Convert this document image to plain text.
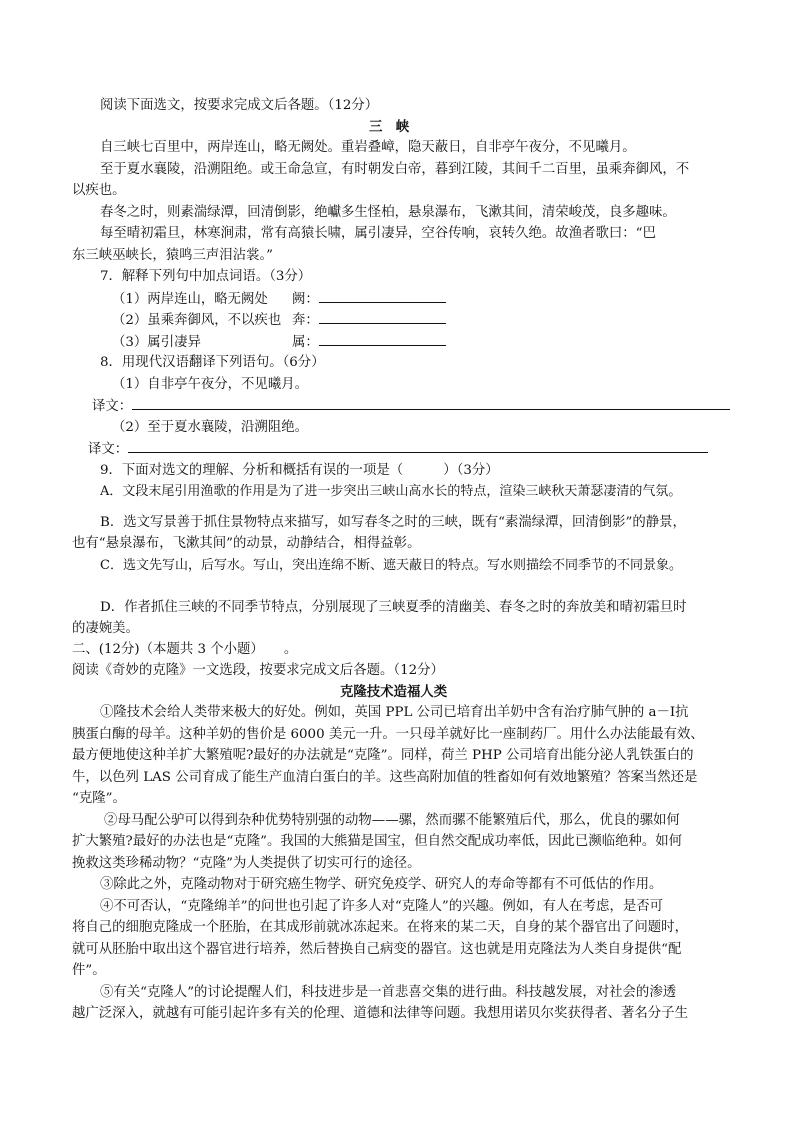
阅读下面选文，按要求完成文后各题。（12分）
三　峡
自三峡七百里中，两岸连山，略无阙处。重岩叠嶂，隐天蔽日，自非亭午夜分，不见曦月。
至于夏水襄陵，沿溯阻绝。或王命急宣，有时朝发白帝，暮到江陵，其间千二百里，虽乘奔御风，不
以疾也。
春冬之时，则素湍绿潭，回清倒影，绝巘多生怪柏，悬泉瀑布，飞漱其间，清荣峻茂，良多趣味。
每至晴初霜旦，林寒涧肃，常有高猿长啸，属引凄异，空谷传响，哀转久绝。故渔者歌曰：“巴
东三峡巫峡长，猿鸣三声泪沾裳。”
7．解释下列句中加点词语。（3分）
（1）两岸连山，略无阙处 阙：
（2）虽乘奔御风，不以疾也 奔：
（3）属引凄异	属：
8．用现代汉语翻译下列语句。（6分）
（1）自非亭午夜分，不见曦月。
译文：
（2）至于夏水襄陵，沿溯阻绝。
译文：
9．下面对选文的理解、分析和概括有误的一项是（　　　）（3分）
A．文段末尾引用渔歌的作用是为了进一步突出三峡山高水长的特点，渲染三峡秋天萧瑟凄清的气氛。
B．选文写景善于抓住景物特点来描写，如写春冬之时的三峡，既有“素湍绿潭，回清倒影”的静景，
也有“悬泉瀑布，飞漱其间”的动景，动静结合，相得益彰。
C．选文先写山，后写水。写山，突出连绵不断、遮天蔽日的特点。写水则描绘不同季节的不同景象。
D．作者抓住三峡的不同季节特点，分别展现了三峡夏季的清幽美、春冬之时的奔放美和晴初霜旦时
的凄婉美。
二、(12分)（本题共 3 个小题）　　。
阅读《奇妙的克隆》一文选段，按要求完成文后各题。（12分）
克隆技术造福人类
①隆技术会给人类带来极大的好处。例如，英国 PPL 公司已培育出羊奶中含有治疗肺气肿的 a－Ⅰ抗
胰蛋白酶的母羊。这种羊奶的售价是 6000 美元一升。一只母羊就好比一座制药厂。用什么办法能最有效、
最方便地使这种羊扩大繁殖呢?最好的办法就是“克隆”。同样，荷兰 PHP 公司培育出能分泌人乳铁蛋白的
牛，以色列 LAS 公司育成了能生产血清白蛋白的羊。这些高附加值的牲畜如何有效地繁殖？答案当然还是
“克隆”。
②母马配公驴可以得到杂种优势特别强的动物——骡，然而骡不能繁殖后代，那么，优良的骡如何
扩大繁殖?最好的办法也是“克隆”。我国的大熊猫是国宝，但自然交配成功率低，因此已濒临绝种。如何
挽救这类珍稀动物？“克隆”为人类提供了切实可行的途径。
③除此之外，克隆动物对于研究癌生物学、研究免疫学、研究人的寿命等都有不可低估的作用。
④不可否认，“克隆绵羊”的问世也引起了许多人对“克隆人”的兴趣。例如，有人在考虑，是否可
将自己的细胞克隆成一个胚胎，在其成形前就冰冻起来。在将来的某二天，自身的某个器官出了问题时，
就可从胚胎中取出这个器官进行培养，然后替换自己病变的器官。这也就是用克隆法为人类自身提供“配
件”。
⑤有关“克隆人”的讨论提醒人们，科技进步是一首悲喜交集的进行曲。科技越发展，对社会的渗透
越广泛深入，就越有可能引起许多有关的伦理、道德和法律等问题。我想用诺贝尔奖获得者、著名分子生
